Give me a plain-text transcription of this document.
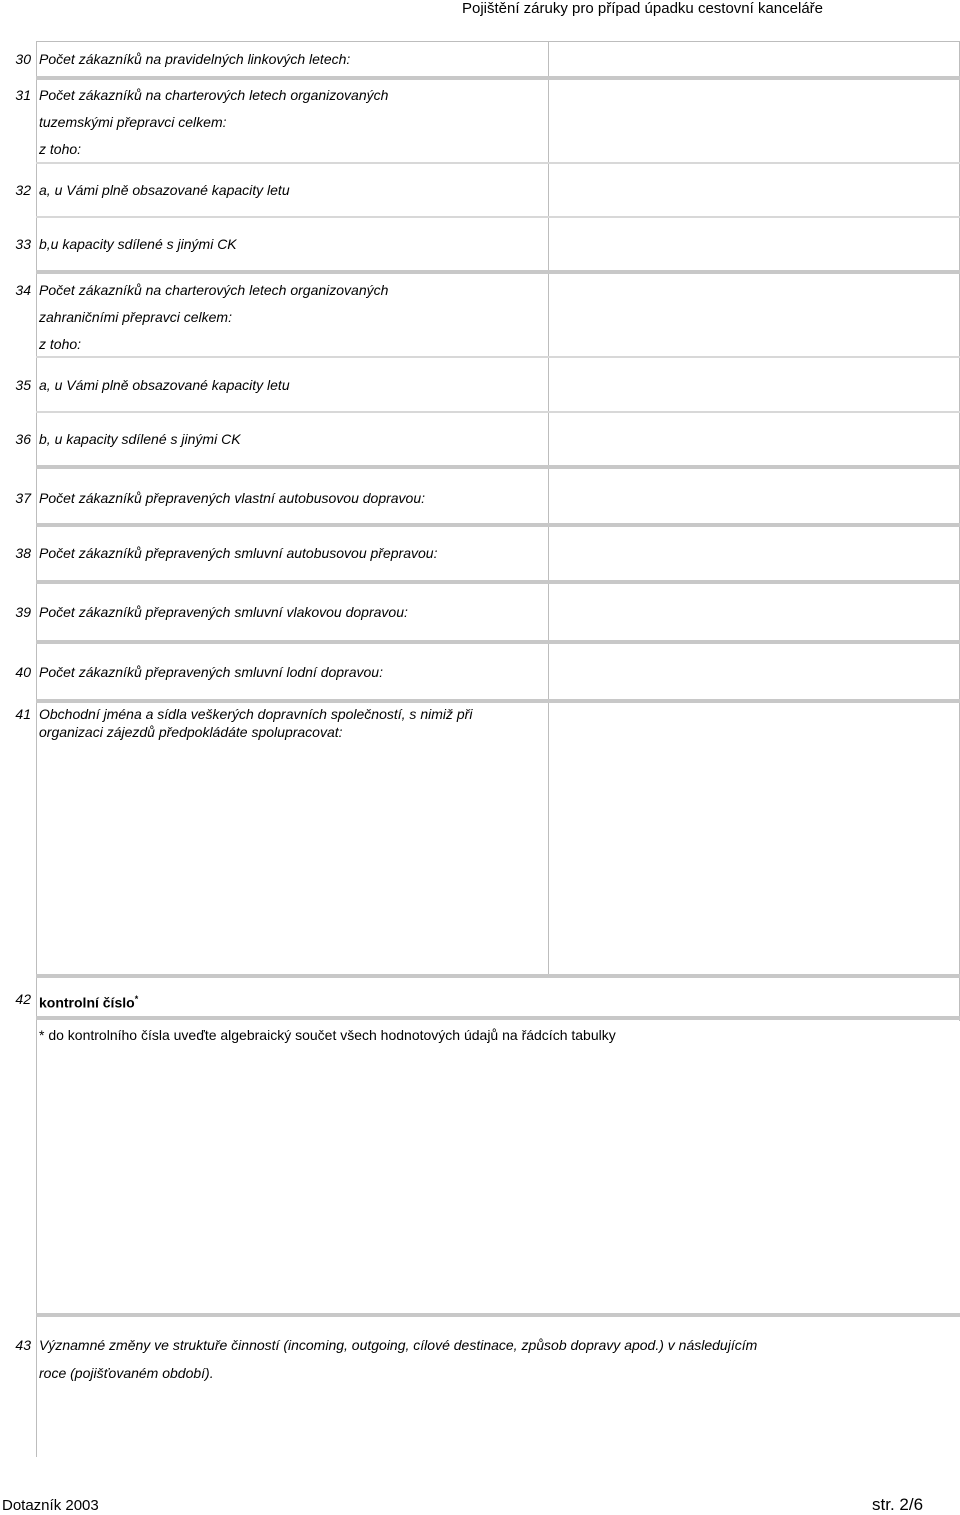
Pojištění záruky pro případ úpadku cestovní kanceláře
30 Počet zákazníků na pravidelných linkových letech:
31 Počet zákazníků na charterových letech organizovaných
tuzemskými přepravci celkem:
z toho:
32 a, u Vámi plně obsazované kapacity letu
33 b,u kapacity sdílené s jinými CK
34 Počet zákazníků na charterových letech organizovaných
zahraničními přepravci celkem:
z toho:
35 a, u Vámi plně obsazované kapacity letu
36 b, u kapacity sdílené s jinými CK
37 Počet zákazníků přepravených vlastní autobusovou dopravou:
38 Počet zákazníků přepravených smluvní autobusovou přepravou:
39 Počet zákazníků přepravených smluvní vlakovou dopravou:
40 Počet zákazníků přepravených smluvní lodní dopravou:
41 Obchodní jména a sídla veškerých dopravních společností, s nimiž při
organizaci zájezdů předpokládáte spolupracovat:
42 kontrolní číslo*
* do kontrolního čísla uveďte algebraický součet všech hodnotových údajů na řádcích tabulky
43 Významné změny ve struktuře činností (incoming, outgoing, cílové destinace, způsob dopravy apod.) v následujícím
roce (pojišťovaném období).
Dotazník 2003	str. 2/6
